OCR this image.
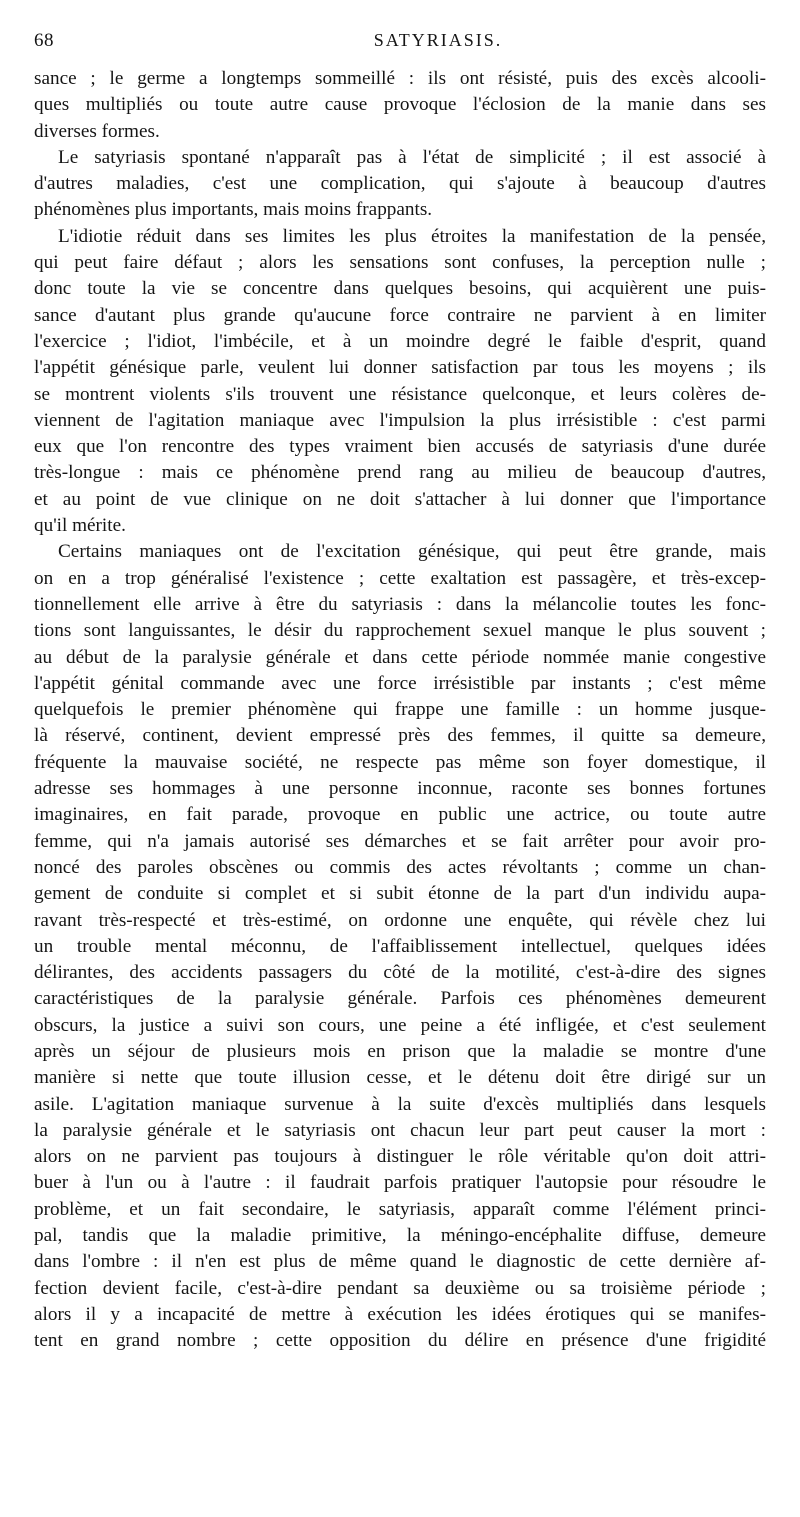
68	SATYRIASIS.
sance ; le germe a longtemps sommeillé : ils ont résisté, puis des excès alcooli-
ques multipliés ou toute autre cause provoque l'éclosion de la manie dans ses
diverses formes.
Le satyriasis spontané n'apparaît pas à l'état de simplicité ; il est associé à
d'autres maladies, c'est une complication, qui s'ajoute à beaucoup d'autres
phénomènes plus importants, mais moins frappants.
L'idiotie réduit dans ses limites les plus étroites la manifestation de la pensée,
qui peut faire défaut ; alors les sensations sont confuses, la perception nulle ;
donc toute la vie se concentre dans quelques besoins, qui acquièrent une puis-
sance d'autant plus grande qu'aucune force contraire ne parvient à en limiter
l'exercice ; l'idiot, l'imbécile, et à un moindre degré le faible d'esprit, quand
l'appétit génésique parle, veulent lui donner satisfaction par tous les moyens ; ils
se montrent violents s'ils trouvent une résistance quelconque, et leurs colères de-
viennent de l'agitation maniaque avec l'impulsion la plus irrésistible : c'est parmi
eux que l'on rencontre des types vraiment bien accusés de satyriasis d'une durée
très-longue : mais ce phénomène prend rang au milieu de beaucoup d'autres,
et au point de vue clinique on ne doit s'attacher à lui donner que l'importance
qu'il mérite.
Certains maniaques ont de l'excitation génésique, qui peut être grande, mais
on en a trop généralisé l'existence ; cette exaltation est passagère, et très-excep-
tionnellement elle arrive à être du satyriasis : dans la mélancolie toutes les fonc-
tions sont languissantes, le désir du rapprochement sexuel manque le plus souvent ;
au début de la paralysie générale et dans cette période nommée manie congestive
l'appétit génital commande avec une force irrésistible par instants ; c'est même
quelquefois le premier phénomène qui frappe une famille : un homme jusque-
là réservé, continent, devient empressé près des femmes, il quitte sa demeure,
fréquente la mauvaise société, ne respecte pas même son foyer domestique, il
adresse ses hommages à une personne inconnue, raconte ses bonnes fortunes
imaginaires, en fait parade, provoque en public une actrice, ou toute autre
femme, qui n'a jamais autorisé ses démarches et se fait arrêter pour avoir pro-
noncé des paroles obscènes ou commis des actes révoltants ; comme un chan-
gement de conduite si complet et si subit étonne de la part d'un individu aupa-
ravant très-respecté et très-estimé, on ordonne une enquête, qui révèle chez lui
un trouble mental méconnu, de l'affaiblissement intellectuel, quelques idées
délirantes, des accidents passagers du côté de la motilité, c'est-à-dire des signes
caractéristiques de la paralysie générale. Parfois ces phénomènes demeurent
obscurs, la justice a suivi son cours, une peine a été infligée, et c'est seulement
après un séjour de plusieurs mois en prison que la maladie se montre d'une
manière si nette que toute illusion cesse, et le détenu doit être dirigé sur un
asile. L'agitation maniaque survenue à la suite d'excès multipliés dans lesquels
la paralysie générale et le satyriasis ont chacun leur part peut causer la mort :
alors on ne parvient pas toujours à distinguer le rôle véritable qu'on doit attri-
buer à l'un ou à l'autre : il faudrait parfois pratiquer l'autopsie pour résoudre le
problème, et un fait secondaire, le satyriasis, apparaît comme l'élément princi-
pal, tandis que la maladie primitive, la méningo-encéphalite diffuse, demeure
dans l'ombre : il n'en est plus de même quand le diagnostic de cette dernière af-
fection devient facile, c'est-à-dire pendant sa deuxième ou sa troisième période ;
alors il y a incapacité de mettre à exécution les idées érotiques qui se manifes-
tent en grand nombre ; cette opposition du délire en présence d'une frigidité
